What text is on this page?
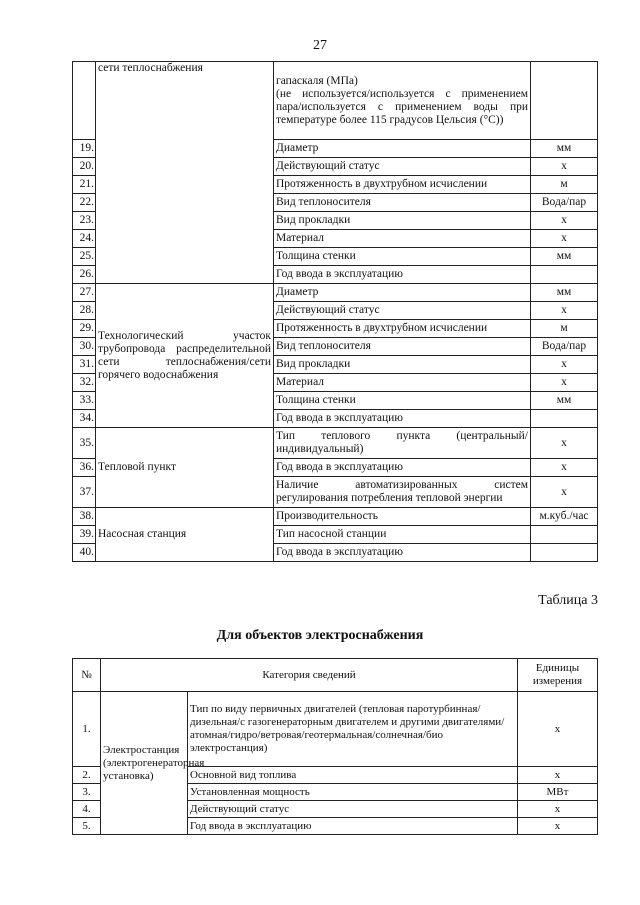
27
	сети теплоснабжения	гапаскаля (МПа)
(не используется/используется с применением пара/используется с применением воды при температуре более 115 градусов Цельсия (°С))	
19.		Диаметр	мм
20.		Действующий статус	х
21.		Протяженность в двухтрубном исчислении	м
22.		Вид теплоносителя	Вода/пар
23.		Вид прокладки	х
24.		Материал	х
25.		Толщина стенки	мм
26.		Год ввода в эксплуатацию	
27.	Технологический участок трубопровода распределительной сети теплоснабжения/сети горячего водоснабжения	Диаметр	мм
28.		Действующий статус	х
29.		Протяженность в двухтрубном исчислении	м
30.		Вид теплоносителя	Вода/пар
31.		Вид прокладки	х
32.		Материал	х
33.		Толщина стенки	мм
34.		Год ввода в эксплуатацию	
35.	Тепловой пункт	Тип теплового пункта (центральный/индивидуальный)	х
36.		Год ввода в эксплуатацию	х
37.		Наличие автоматизированных систем регулирования потребления тепловой энергии	х
38.	Насосная станция	Производительность	м.куб./час
39.		Тип насосной станции	
40.		Год ввода в эксплуатацию	
Таблица 3
Для объектов электроснабжения
№	Категория сведений		Единицы измерения
1.	Электростанция (электрогенераторная установка)	Тип по виду первичных двигателей (тепловая паротурбинная/дизельная/с газогенераторным двигателем и другими двигателями/атомная/гидро/ветровая/геотермальная/солнечная/био электростанция)	х
2.		Основной вид топлива	х
3.		Установленная мощность	МВт
4.		Действующий статус	х
5.		Год ввода в эксплуатацию	х
